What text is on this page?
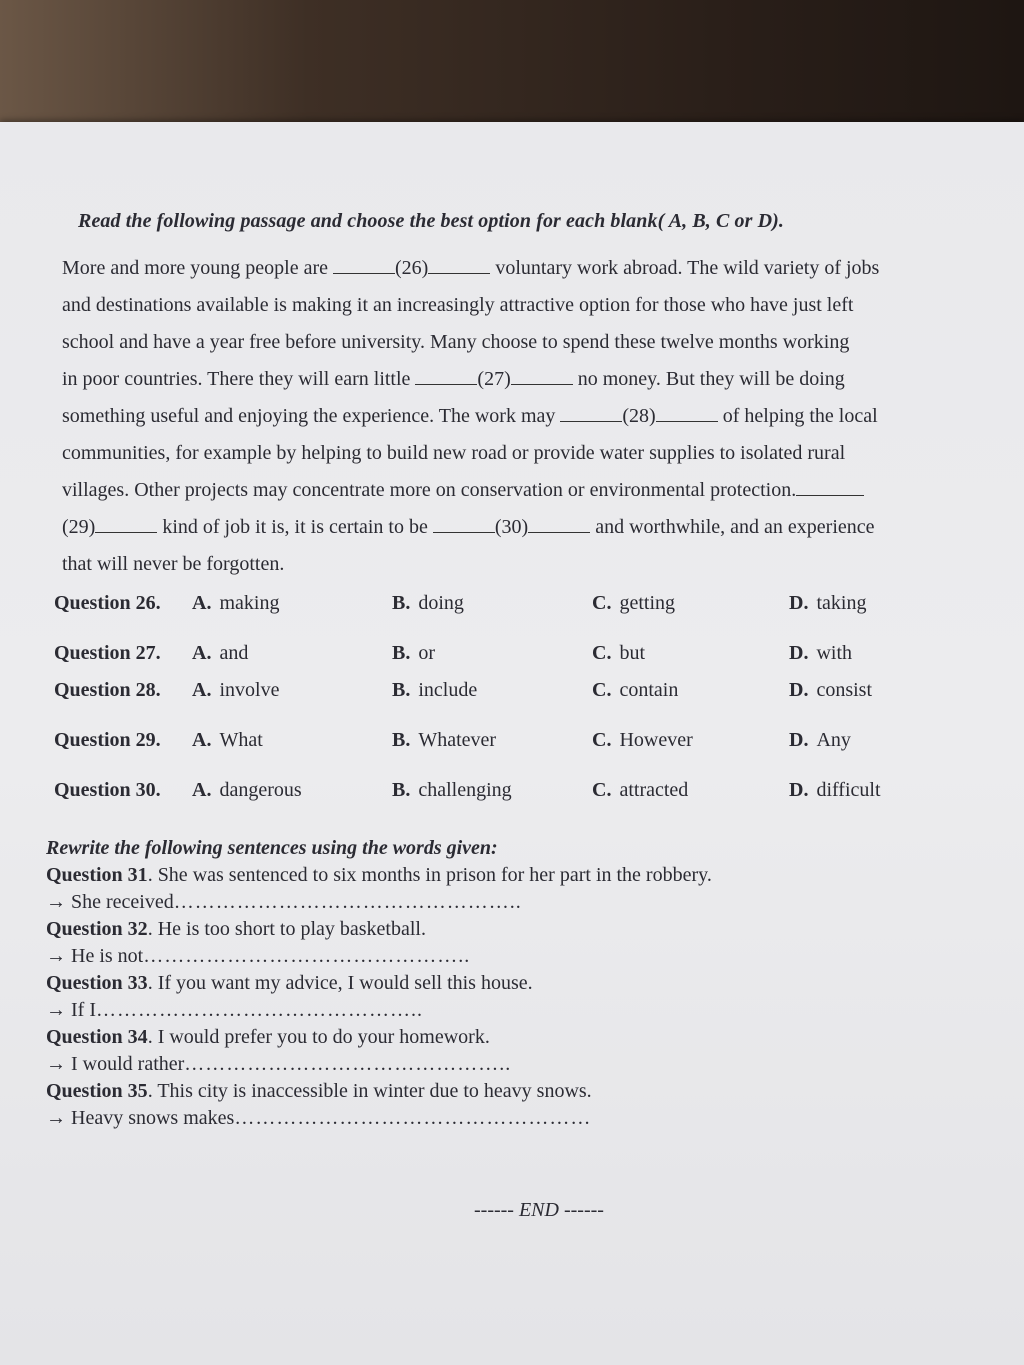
Read the following passage and choose the best option for each blank( A, B, C or D).
More and more young people are	(26)	voluntary work abroad. The wild variety of jobs
and destinations available is making it an increasingly attractive option for those who have just left
school and have a year free before university. Many choose to spend these twelve months working
in poor countries. There they will earn little	(27)	no money. But they will be doing
something useful and enjoying the experience. The work may	(28)	of helping the local
communities, for example by helping to build new road or provide water supplies to isolated rural
villages. Other projects may concentrate more on conservation or environmental protection.
(29)	kind of job it is, it is certain to be	(30)	and worthwhile, and an experience
that will never be forgotten.
Question 26. A. making	B. doing	C. getting	D. taking
Question 27. A. and	B. or	C. but	D. with
Question 28. A. involve	B. include	C. contain	D. consist
Question 29. A. What	B. Whatever	C. However	D. Any
Question 30. A. dangerous	B. challenging	C. attracted	D. difficult
Rewrite the following sentences using the words given:
Question 31. She was sentenced to six months in prison for her part in the robbery.
→ She received…………………………………………..
Question 32. He is too short to play basketball.
→ He is not………………………………………..
Question 33. If you want my advice, I would sell this house.
→ If I………………………………………..
Question 34. I would prefer you to do your homework.
→ I would rather………………………………………..
Question 35. This city is inaccessible in winter due to heavy snows.
→ Heavy snows makes……………………………………………
------ END ------
